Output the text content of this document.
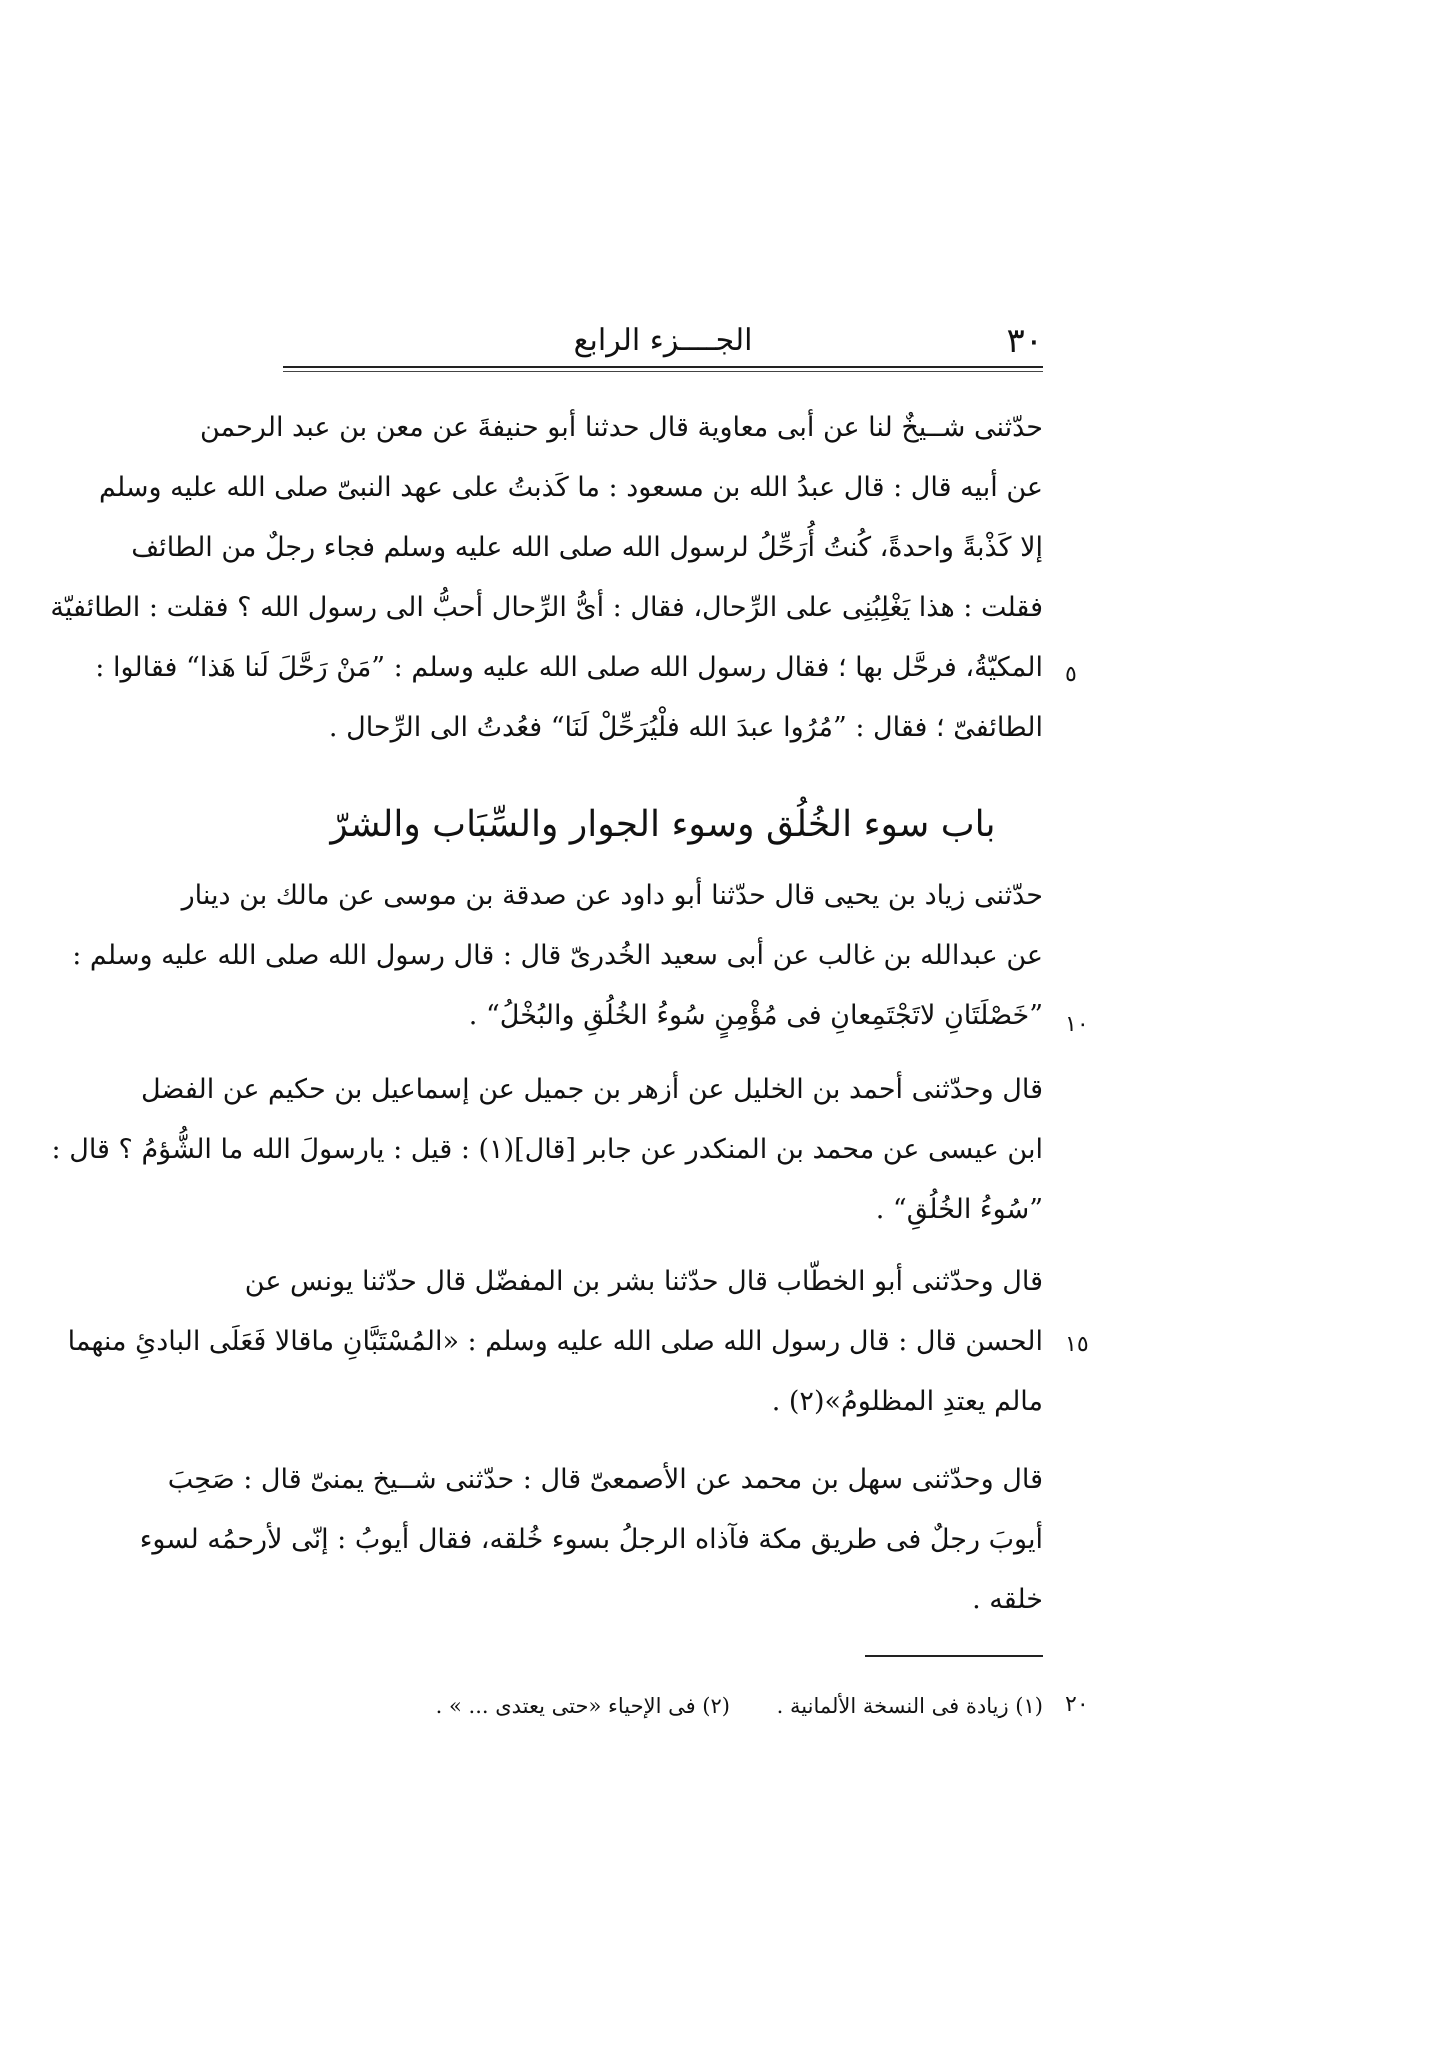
٣٠
الجــــزء الرابع
حدّثنى شــيخٌ لنا عن أبى معاوية قال حدثنا أبو حنيفةَ عن معن بن عبد الرحمن
عن أبيه قال : قال عبدُ الله بن مسعود : ما كَذبتُ على عهد النبىّ صلى الله عليه وسلم
إلا كَذْبةً واحدةً، كُنتُ أُرَحِّلُ لرسول الله صلى الله عليه وسلم فجاء رجلٌ من الطائف
فقلت : هذا يَغْلِبُنِى على الرِّحال، فقال : أىُّ الرِّحال أحبُّ الى رسول الله ؟ فقلت : الطائفيّة
المكيّةُ، فرحَّل بها ؛ فقال رسول الله صلى الله عليه وسلم : ”مَنْ رَحَّلَ لَنا هَذا“ فقالوا :
الطائفىّ ؛ فقال : ”مُرُوا عبدَ الله فلْيُرَحِّلْ لَنَا“ فعُدتُ الى الرِّحال .
٥
باب سوء الخُلُق وسوء الجوار والسِّبَاب والشرّ
حدّثنى زياد بن يحيى قال حدّثنا أبو داود عن صدقة بن موسى عن مالك بن دينار
عن عبدالله بن غالب عن أبى سعيد الخُدرىّ قال : قال رسول الله صلى الله عليه وسلم :
”خَصْلَتَانِ لاتَجْتَمِعانِ فى مُؤْمِنٍ سُوءُ الخُلُقِ والبُخْلُ“ . ١٠
قال وحدّثنى أحمد بن الخليل عن أزهر بن جميل عن إسماعيل بن حكيم عن الفضل
ابن عيسى عن محمد بن المنكدر عن جابر [قال](١) : قيل : يارسولَ الله ما الشُّؤمُ ؟ قال :
”سُوءُ الخُلُقِ“ .
قال وحدّثنى أبو الخطّاب قال حدّثنا بشر بن المفضّل قال حدّثنا يونس عن
الحسن قال : قال رسول الله صلى الله عليه وسلم : «المُسْتَبَّانِ ماقالا فَعَلَى البادئِ منهما
مالم يعتدِ المظلومُ»(٢) .
١٥
قال وحدّثنى سهل بن محمد عن الأصمعىّ قال : حدّثنى شــيخ يمنىّ قال : صَحِبَ
أيوبَ رجلٌ فى طريق مكة فآذاه الرجلُ بسوء خُلقه، فقال أيوبُ : إنّى لأرحمُه لسوء
خلقه .
٢٠
(١) زيادة فى النسخة الألمانية . (٢) فى الإحياء «حتى يعتدى ... » .
